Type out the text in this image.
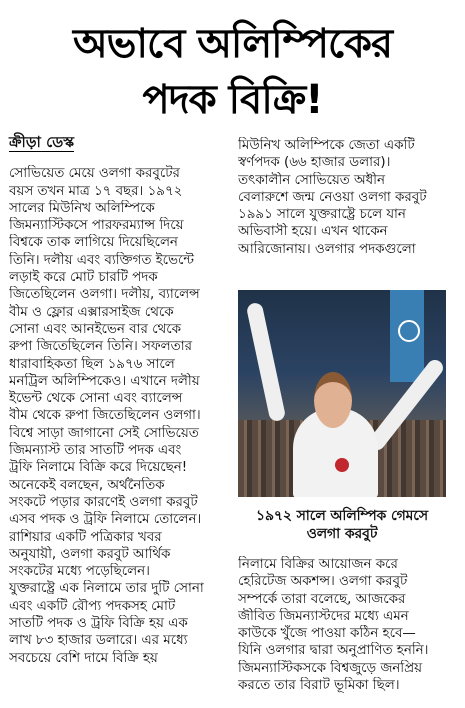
অভাবে অলিম্পিকের
পদক বিক্রি!
ক্রীড়া ডেস্ক
সোভিয়েত মেয়ে ওলগা করবুটের
বয়স তখন মাত্র ১৭ বছর। ১৯৭২
সালের মিউনিখ অলিম্পিকে
জিমন্যাস্টিকসে পারফরম্যান্স দিয়ে
বিশ্বকে তাক লাগিয়ে দিয়েছিলেন
তিনি। দলীয় এবং ব্যক্তিগত ইভেন্টে
লড়াই করে মোট চারটি পদক
জিতেছিলেন ওলগা। দলীয়, ব্যালেন্স
বীম ও ফ্লোর এক্সারসাইজ থেকে
সোনা এবং আনইভেন বার থেকে
রুপা জিতেছিলেন তিনি। সফলতার
ধারাবাহিকতা ছিল ১৯৭৬ সালে
মনট্রিল অলিম্পিকেও। এখানে দলীয়
ইভেন্ট থেকে সোনা এবং ব্যালেন্স
বীম থেকে রুপা জিতেছিলেন ওলগা।
বিশ্বে সাড়া জাগানো সেই সোভিয়েত
জিমন্যাস্ট তার সাতটি পদক এবং
ট্রফি নিলামে বিক্রি করে দিয়েছেন!
অনেকেই বলছেন, অর্থনৈতিক
সংকটে পড়ার কারণেই ওলগা করবুট
এসব পদক ও ট্রফি নিলামে তোলেন।
রাশিয়ার একটি পত্রিকার খবর
অনুযায়ী, ওলগা করবুট আর্থিক
সংকটের মধ্যে পড়েছিলেন।
যুক্তরাষ্ট্রে এক নিলামে তার দুটি সোনা
এবং একটি রৌপ্য পদকসহ মোট
সাতটি পদক ও ট্রফি বিক্রি হয় এক
লাখ ৮৩ হাজার ডলারে। এর মধ্যে
সবচেয়ে বেশি দামে বিক্রি হয়
মিউনিখ অলিম্পিকে জেতা একটি
স্বর্ণপদক (৬৬ হাজার ডলার)।
তৎকালীন সোভিয়েত অধীন
বেলারুশে জন্ম নেওয়া ওলগা করবুট
১৯৯১ সালে যুক্তরাষ্ট্রে চলে যান
অভিবাসী হয়ে। এখন থাকেন
আরিজোনায়। ওলগার পদকগুলো
১৯৭২ সালে অলিম্পিক গেমসে
ওলগা করবুট
নিলামে বিক্রির আয়োজন করে
হেরিটেজ অকশন্স। ওলগা করবুট
সম্পর্কে তারা বলেছে, আজকের
জীবিত জিমন্যাস্টদের মধ্যে এমন
কাউকে খুঁজে পাওয়া কঠিন হবে—
যিনি ওলগার দ্বারা অনুপ্রাণিত হননি।
জিমন্যাস্টিকসকে বিশ্বজুড়ে জনপ্রিয়
করতে তার বিরাট ভূমিকা ছিল।
